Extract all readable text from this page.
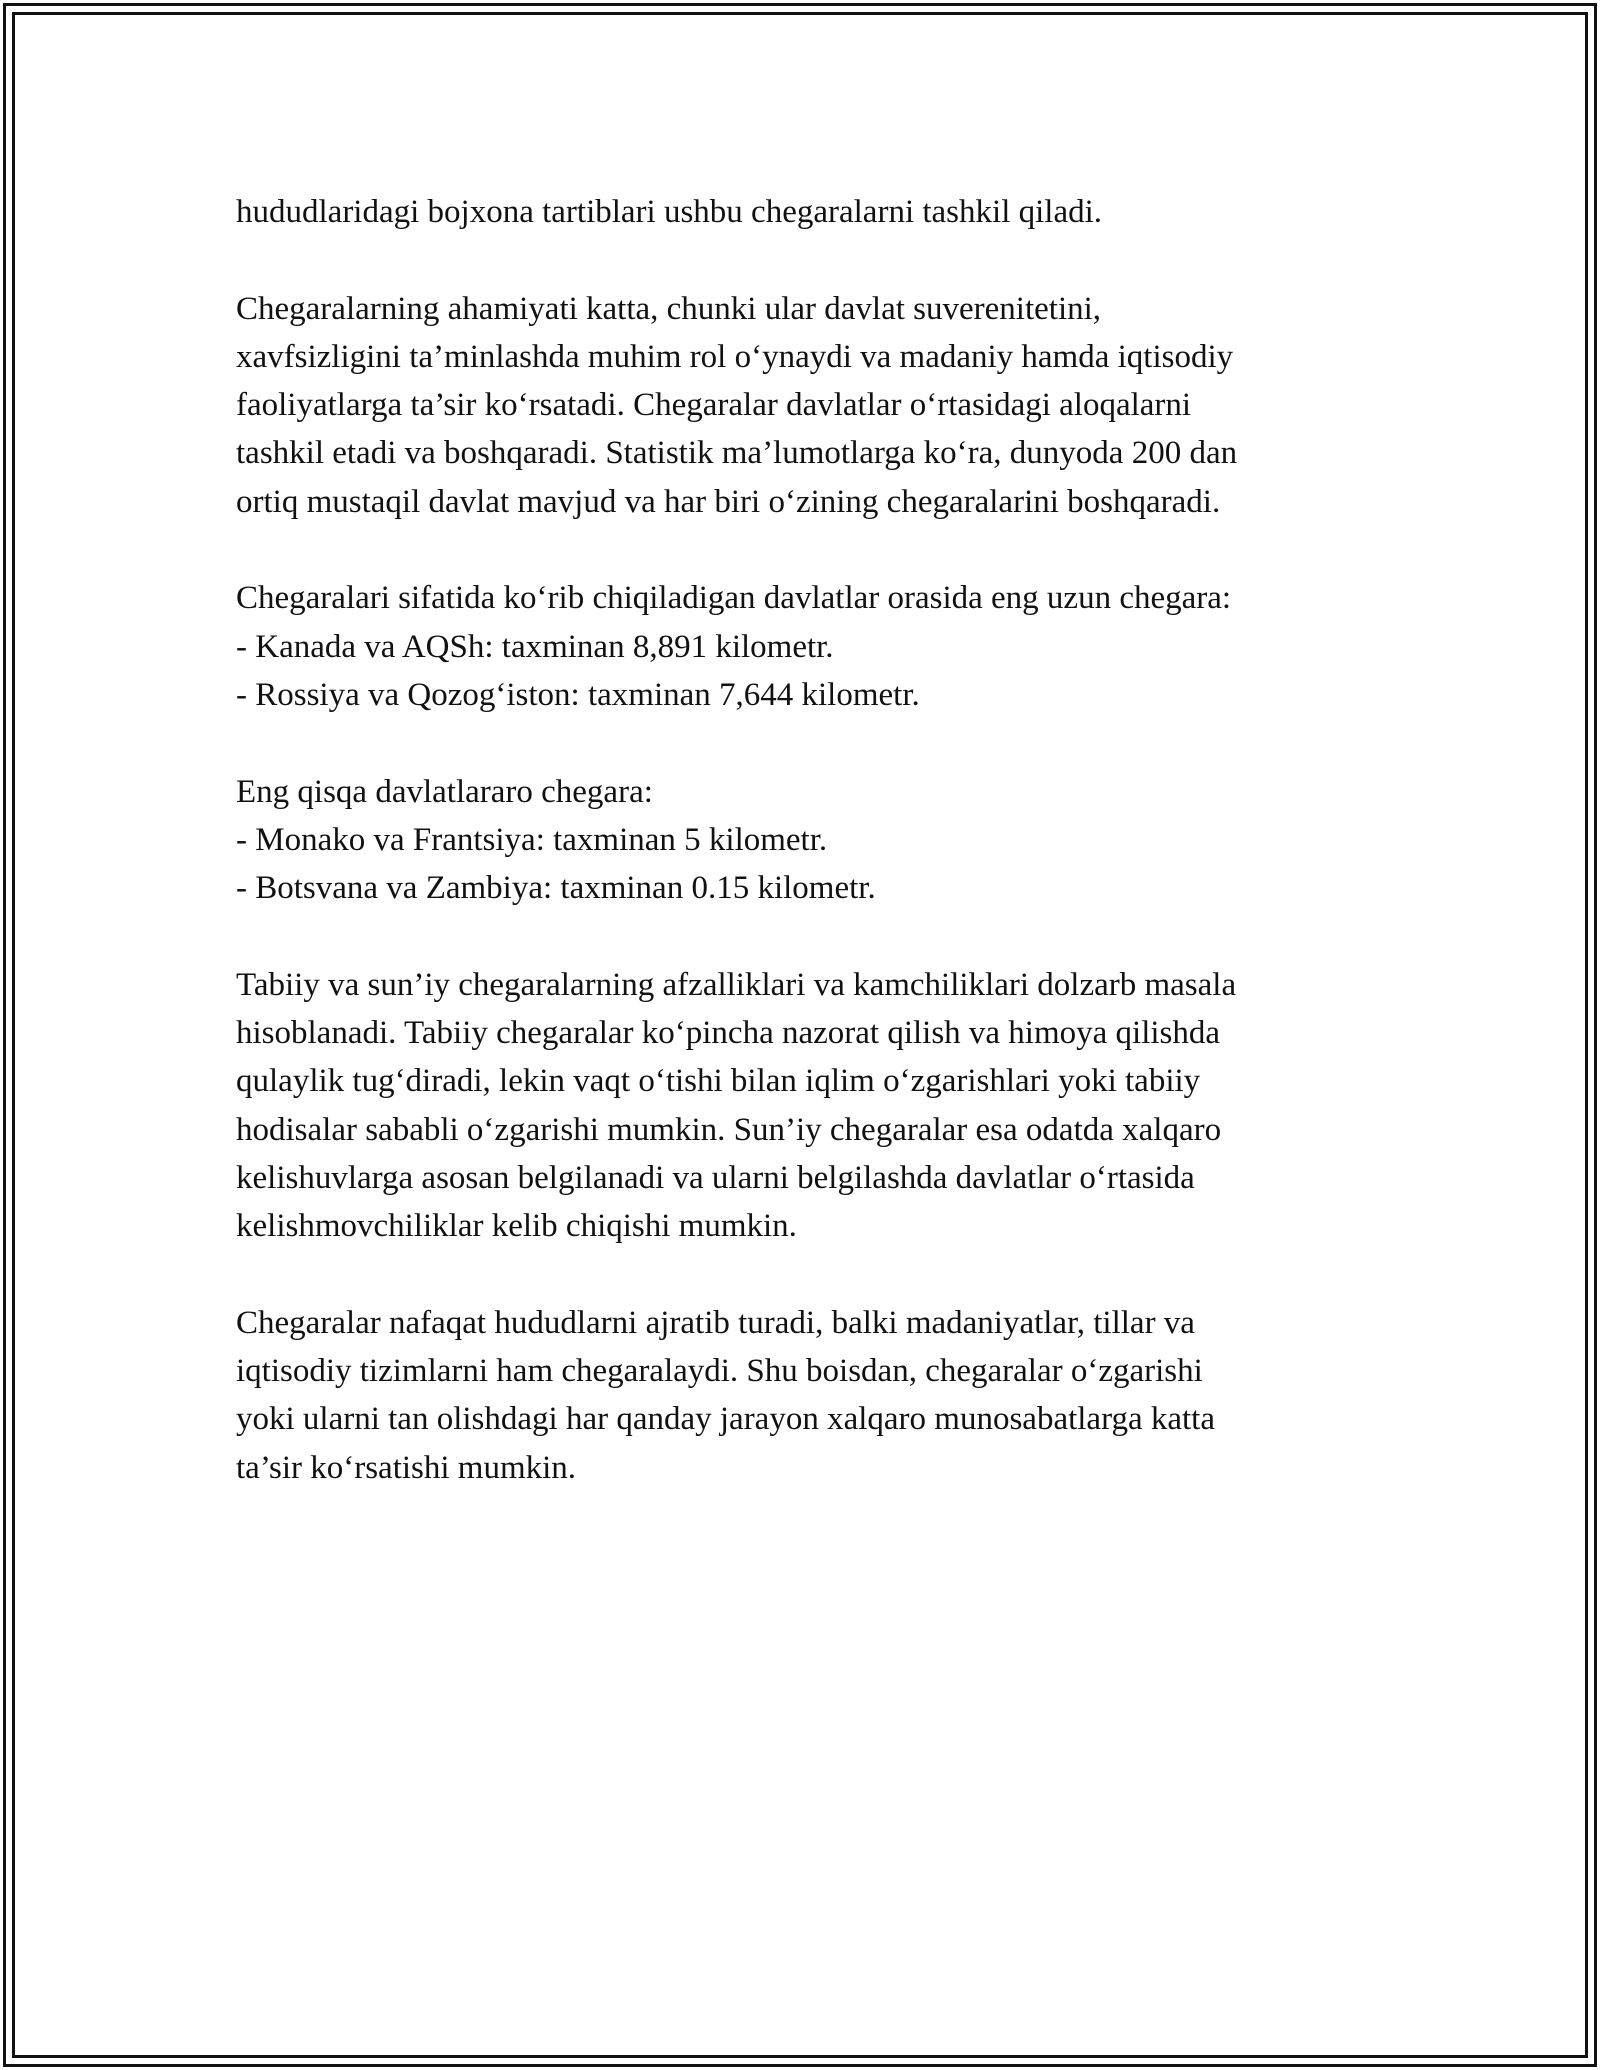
hududlaridagi bojxona tartiblari ushbu chegaralarni tashkil qiladi.

Chegaralarning ahamiyati katta, chunki ular davlat suverenitetini,
xavfsizligini ta’minlashda muhim rol o‘ynaydi va madaniy hamda iqtisodiy
faoliyatlarga ta’sir ko‘rsatadi. Chegaralar davlatlar o‘rtasidagi aloqalarni
tashkil etadi va boshqaradi. Statistik ma’lumotlarga ko‘ra, dunyoda 200 dan
ortiq mustaqil davlat mavjud va har biri o‘zining chegaralarini boshqaradi.

Chegaralari sifatida ko‘rib chiqiladigan davlatlar orasida eng uzun chegara:
- Kanada va AQSh: taxminan 8,891 kilometr.
- Rossiya va Qozog‘iston: taxminan 7,644 kilometr.

Eng qisqa davlatlararo chegara:
- Monako va Frantsiya: taxminan 5 kilometr.
- Botsvana va Zambiya: taxminan 0.15 kilometr.

Tabiiy va sun’iy chegaralarning afzalliklari va kamchiliklari dolzarb masala
hisoblanadi. Tabiiy chegaralar ko‘pincha nazorat qilish va himoya qilishda
qulaylik tug‘diradi, lekin vaqt o‘tishi bilan iqlim o‘zgarishlari yoki tabiiy
hodisalar sababli o‘zgarishi mumkin. Sun’iy chegaralar esa odatda xalqaro
kelishuvlarga asosan belgilanadi va ularni belgilashda davlatlar o‘rtasida
kelishmovchiliklar kelib chiqishi mumkin.

Chegaralar nafaqat hududlarni ajratib turadi, balki madaniyatlar, tillar va
iqtisodiy tizimlarni ham chegaralaydi. Shu boisdan, chegaralar o‘zgarishi
yoki ularni tan olishdagi har qanday jarayon xalqaro munosabatlarga katta
ta’sir ko‘rsatishi mumkin.
